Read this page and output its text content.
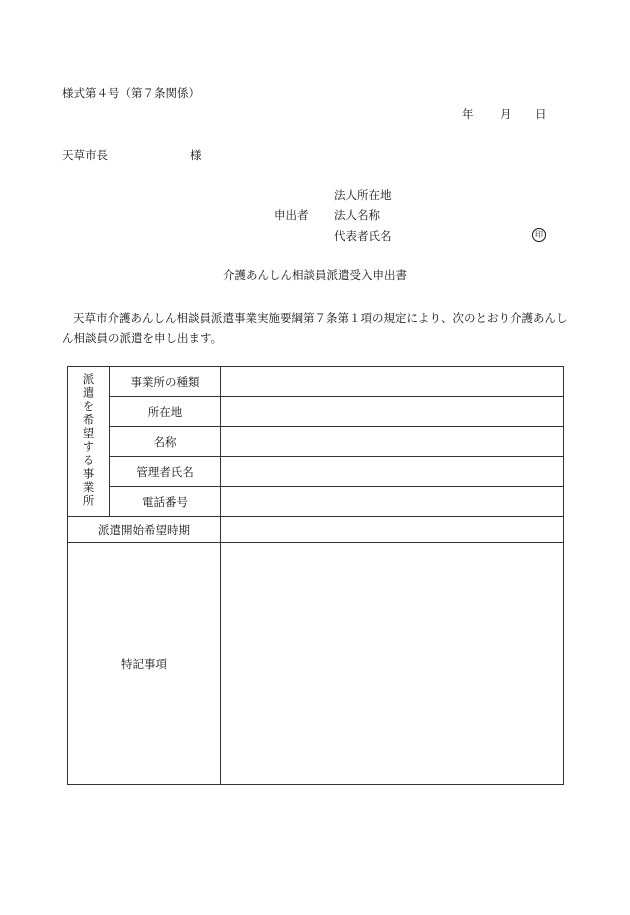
様式第４号（第７条関係）
年 月 日
天草市長	様
申出者
法人所在地
法人名称
代表者氏名	印
介護あんしん相談員派遣受入申出書
天草市介護あんしん相談員派遣事業実施要綱第７条第１項の規定により、次のとおり介護あんしん相談員の派遣を申し出ます。
派遣を希望する事業所	事業所の種類	
	所在地	
	名称	
	管理者氏名	
	電話番号	
派遣開始希望時期		
特記事項		
